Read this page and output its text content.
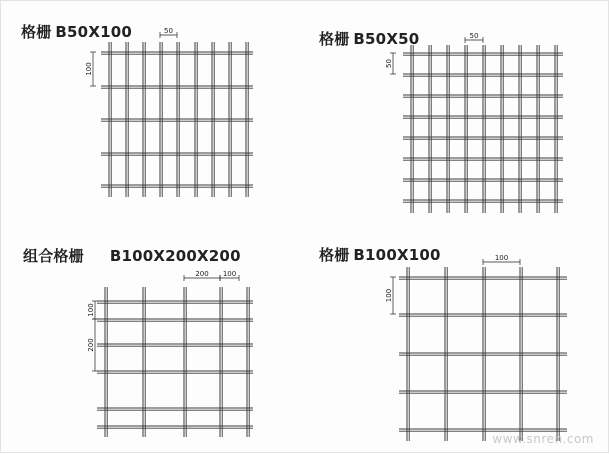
格栅 B50X100	格栅 B50X50
组合格栅 B100X200X200	格栅 B100X100
50
100
50
50
200 100
100
200
100
100
www.snren.com
